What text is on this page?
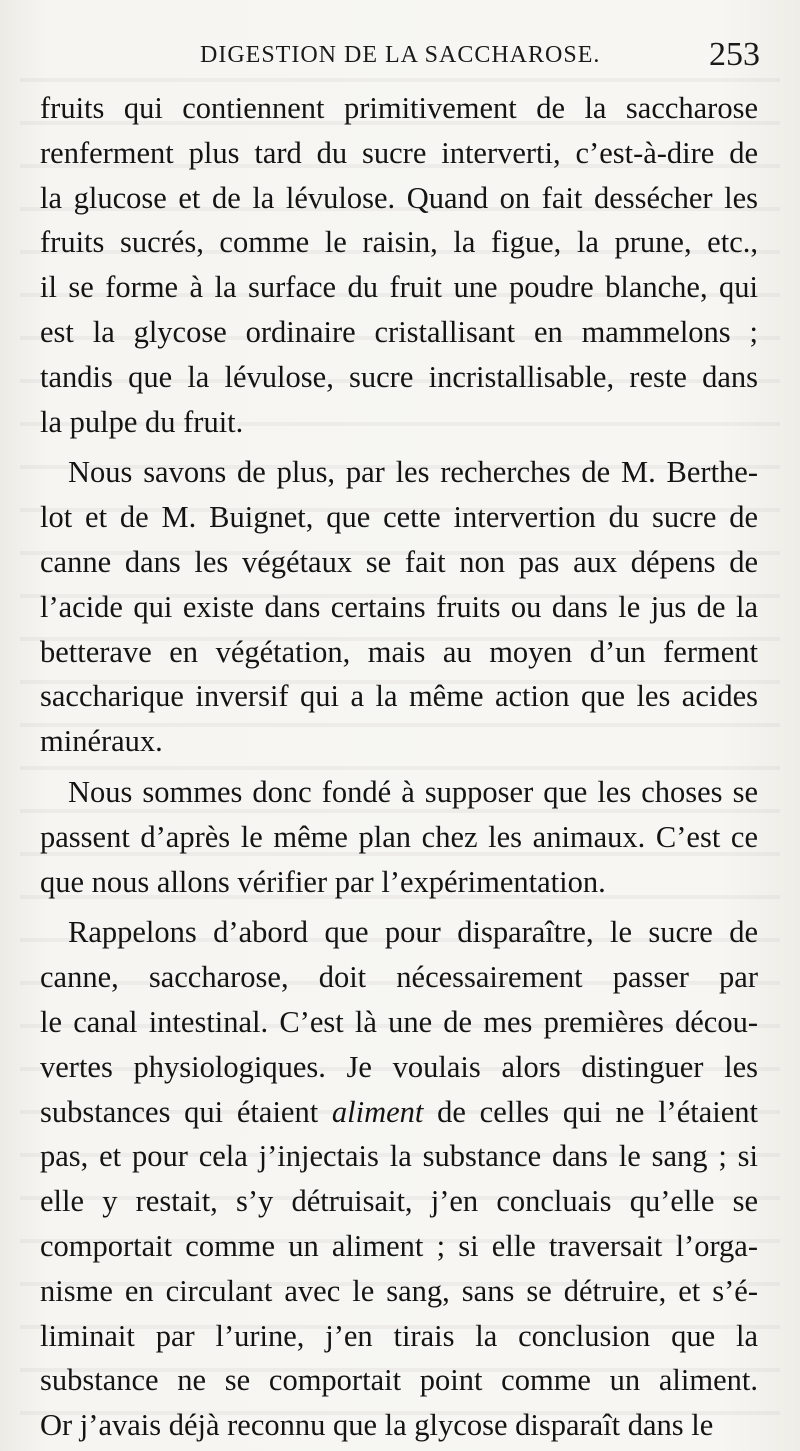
DIGESTION DE LA SACCHAROSE.	253
fruits qui contiennent primitivement de la saccharose
renferment plus tard du sucre interverti, c’est-à-dire de
la glucose et de la lévulose. Quand on fait dessécher les
fruits sucrés, comme le raisin, la figue, la prune, etc.,
il se forme à la surface du fruit une poudre blanche, qui
est la glycose ordinaire cristallisant en mammelons ;
tandis que la lévulose, sucre incristallisable, reste dans
la pulpe du fruit.
Nous savons de plus, par les recherches de M. Berthe-
lot et de M. Buignet, que cette intervertion du sucre de
canne dans les végétaux se fait non pas aux dépens de
l’acide qui existe dans certains fruits ou dans le jus de la
betterave en végétation, mais au moyen d’un ferment
saccharique inversif qui a la même action que les acides
minéraux.
Nous sommes donc fondé à supposer que les choses se
passent d’après le même plan chez les animaux. C’est ce
que nous allons vérifier par l’expérimentation.
Rappelons d’abord que pour disparaître, le sucre de
canne, saccharose, doit nécessairement passer par
le canal intestinal. C’est là une de mes premières décou-
vertes physiologiques. Je voulais alors distinguer les
substances qui étaient aliment de celles qui ne l’étaient
pas, et pour cela j’injectais la substance dans le sang ; si
elle y restait, s’y détruisait, j’en concluais qu’elle se
comportait comme un aliment ; si elle traversait l’orga-
nisme en circulant avec le sang, sans se détruire, et s’é-
liminait par l’urine, j’en tirais la conclusion que la
substance ne se comportait point comme un aliment.
Or j’avais déjà reconnu que la glycose disparaît dans le
